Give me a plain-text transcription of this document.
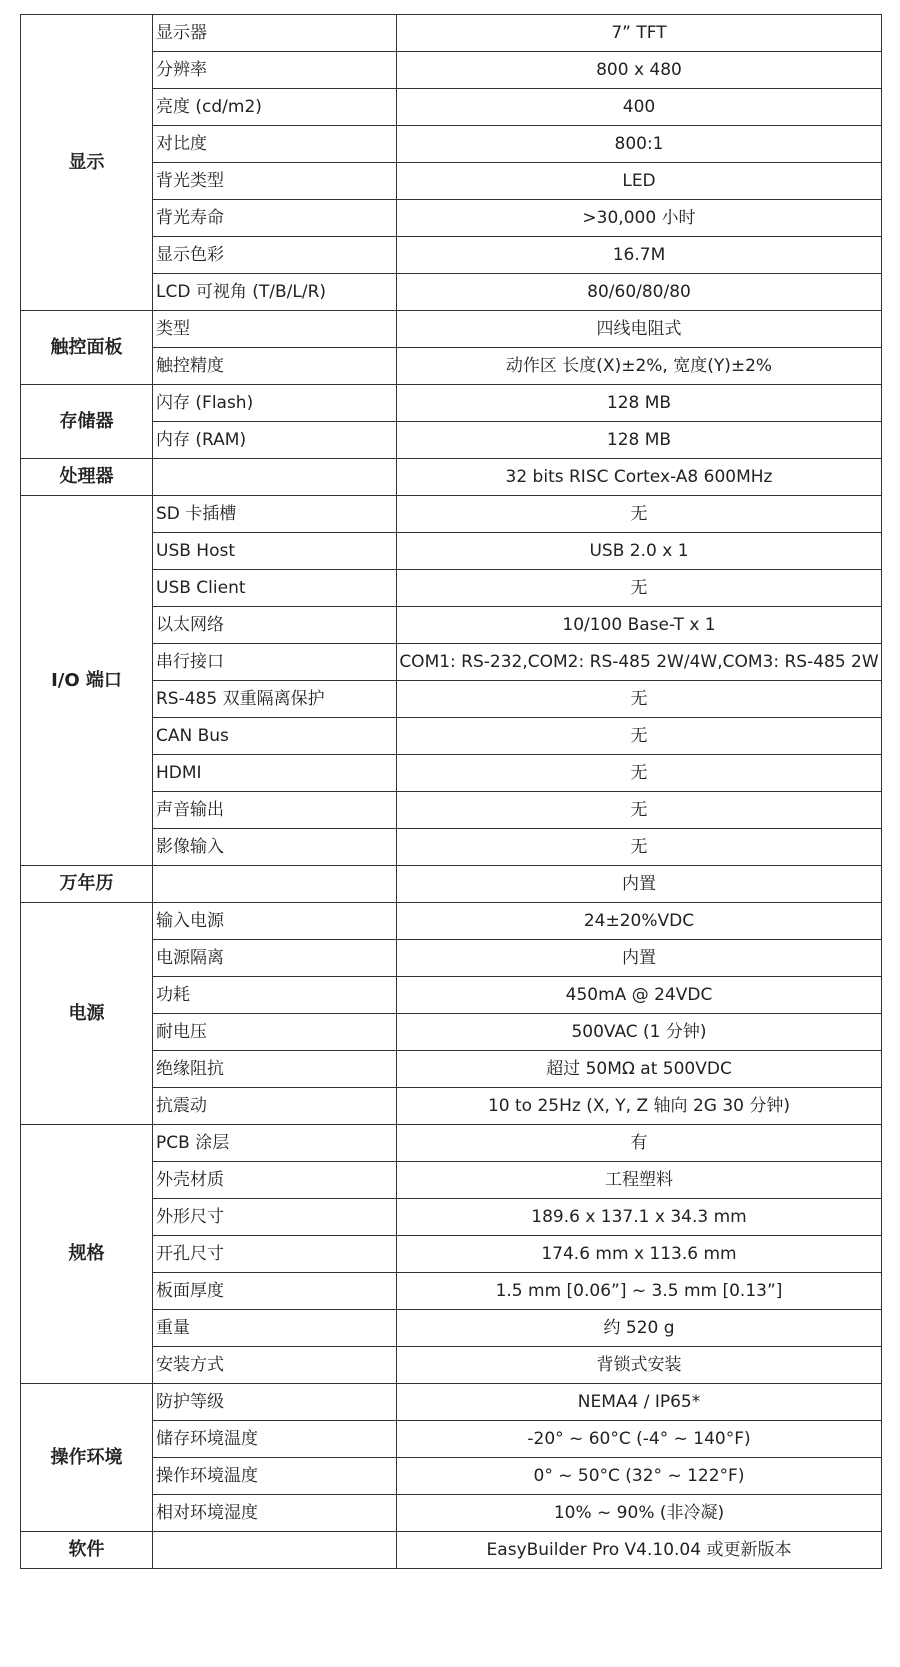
显示	显示器	7” TFT
	分辨率	800 x 480
	亮度 (cd/m2)	400
	对比度	800:1
	背光类型	LED
	背光寿命	>30,000 小时
	显示色彩	16.7M
	LCD 可视角 (T/B/L/R)	80/60/80/80
触控面板	类型	四线电阻式
	触控精度	动作区 长度(X)±2%, 宽度(Y)±2%
存储器	闪存 (Flash)	128 MB
	内存 (RAM)	128 MB
处理器		32 bits RISC Cortex-A8 600MHz
I/O 端口	SD 卡插槽	无
	USB Host	USB 2.0 x 1
	USB Client	无
	以太网络	10/100 Base-T x 1
	串行接口	COM1: RS-232,COM2: RS-485 2W/4W,COM3: RS-485 2W
	RS-485 双重隔离保护	无
	CAN Bus	无
	HDMI	无
	声音输出	无
	影像输入	无
万年历		内置
电源	输入电源	24±20%VDC
	电源隔离	内置
	功耗	450mA @ 24VDC
	耐电压	500VAC (1 分钟)
	绝缘阻抗	超过 50MΩ at 500VDC
	抗震动	10 to 25Hz (X, Y, Z 轴向 2G 30 分钟)
规格	PCB 涂层	有
	外壳材质	工程塑料
	外形尺寸	189.6 x 137.1 x 34.3 mm
	开孔尺寸	174.6 mm x 113.6 mm
	板面厚度	1.5 mm [0.06”] ~ 3.5 mm [0.13”]
	重量	约 520 g
	安装方式	背锁式安装
操作环境	防护等级	NEMA4 / IP65*
	储存环境温度	-20° ~ 60°C (-4° ~ 140°F)
	操作环境温度	0° ~ 50°C (32° ~ 122°F)
	相对环境湿度	10% ~ 90% (非冷凝)
软件		EasyBuilder Pro V4.10.04 或更新版本
